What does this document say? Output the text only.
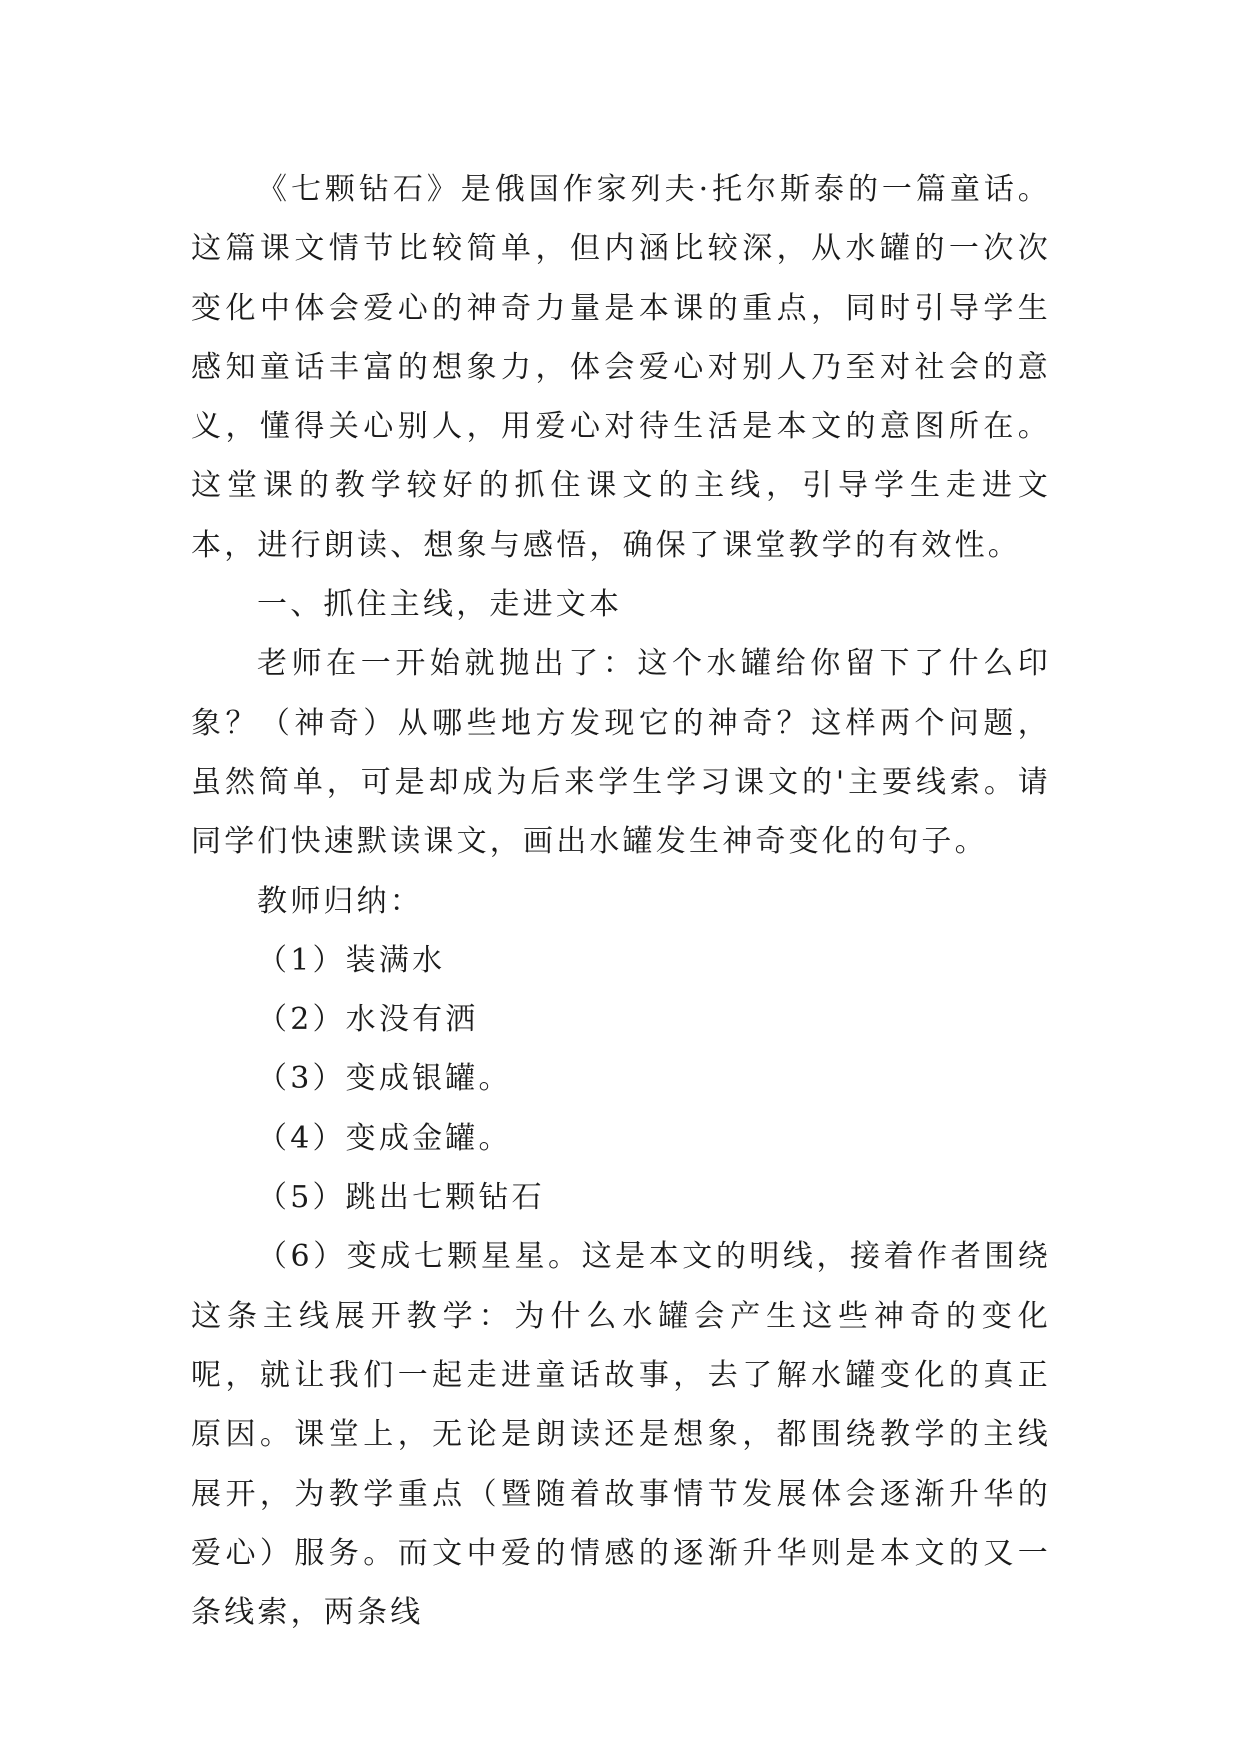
《七颗钻石》是俄国作家列夫·托尔斯泰的一篇童话。这篇课文情节比较简单，但内涵比较深，从水罐的一次次变化中体会爱心的神奇力量是本课的重点，同时引导学生感知童话丰富的想象力，体会爱心对别人乃至对社会的意义，懂得关心别人，用爱心对待生活是本文的意图所在。这堂课的教学较好的抓住课文的主线，引导学生走进文本，进行朗读、想象与感悟，确保了课堂教学的有效性。

一、抓住主线，走进文本

老师在一开始就抛出了：这个水罐给你留下了什么印象？（神奇）从哪些地方发现它的神奇？这样两个问题，虽然简单，可是却成为后来学生学习课文的'主要线索。请同学们快速默读课文，画出水罐发生神奇变化的句子。

教师归纳：

（1）装满水

（2）水没有洒

（3）变成银罐。

（4）变成金罐。

（5）跳出七颗钻石

（6）变成七颗星星。这是本文的明线，接着作者围绕这条主线展开教学：为什么水罐会产生这些神奇的变化呢，就让我们一起走进童话故事，去了解水罐变化的真正原因。课堂上，无论是朗读还是想象，都围绕教学的主线展开，为教学重点（暨随着故事情节发展体会逐渐升华的爱心）服务。而文中爱的情感的逐渐升华则是本文的又一条线索，两条线
